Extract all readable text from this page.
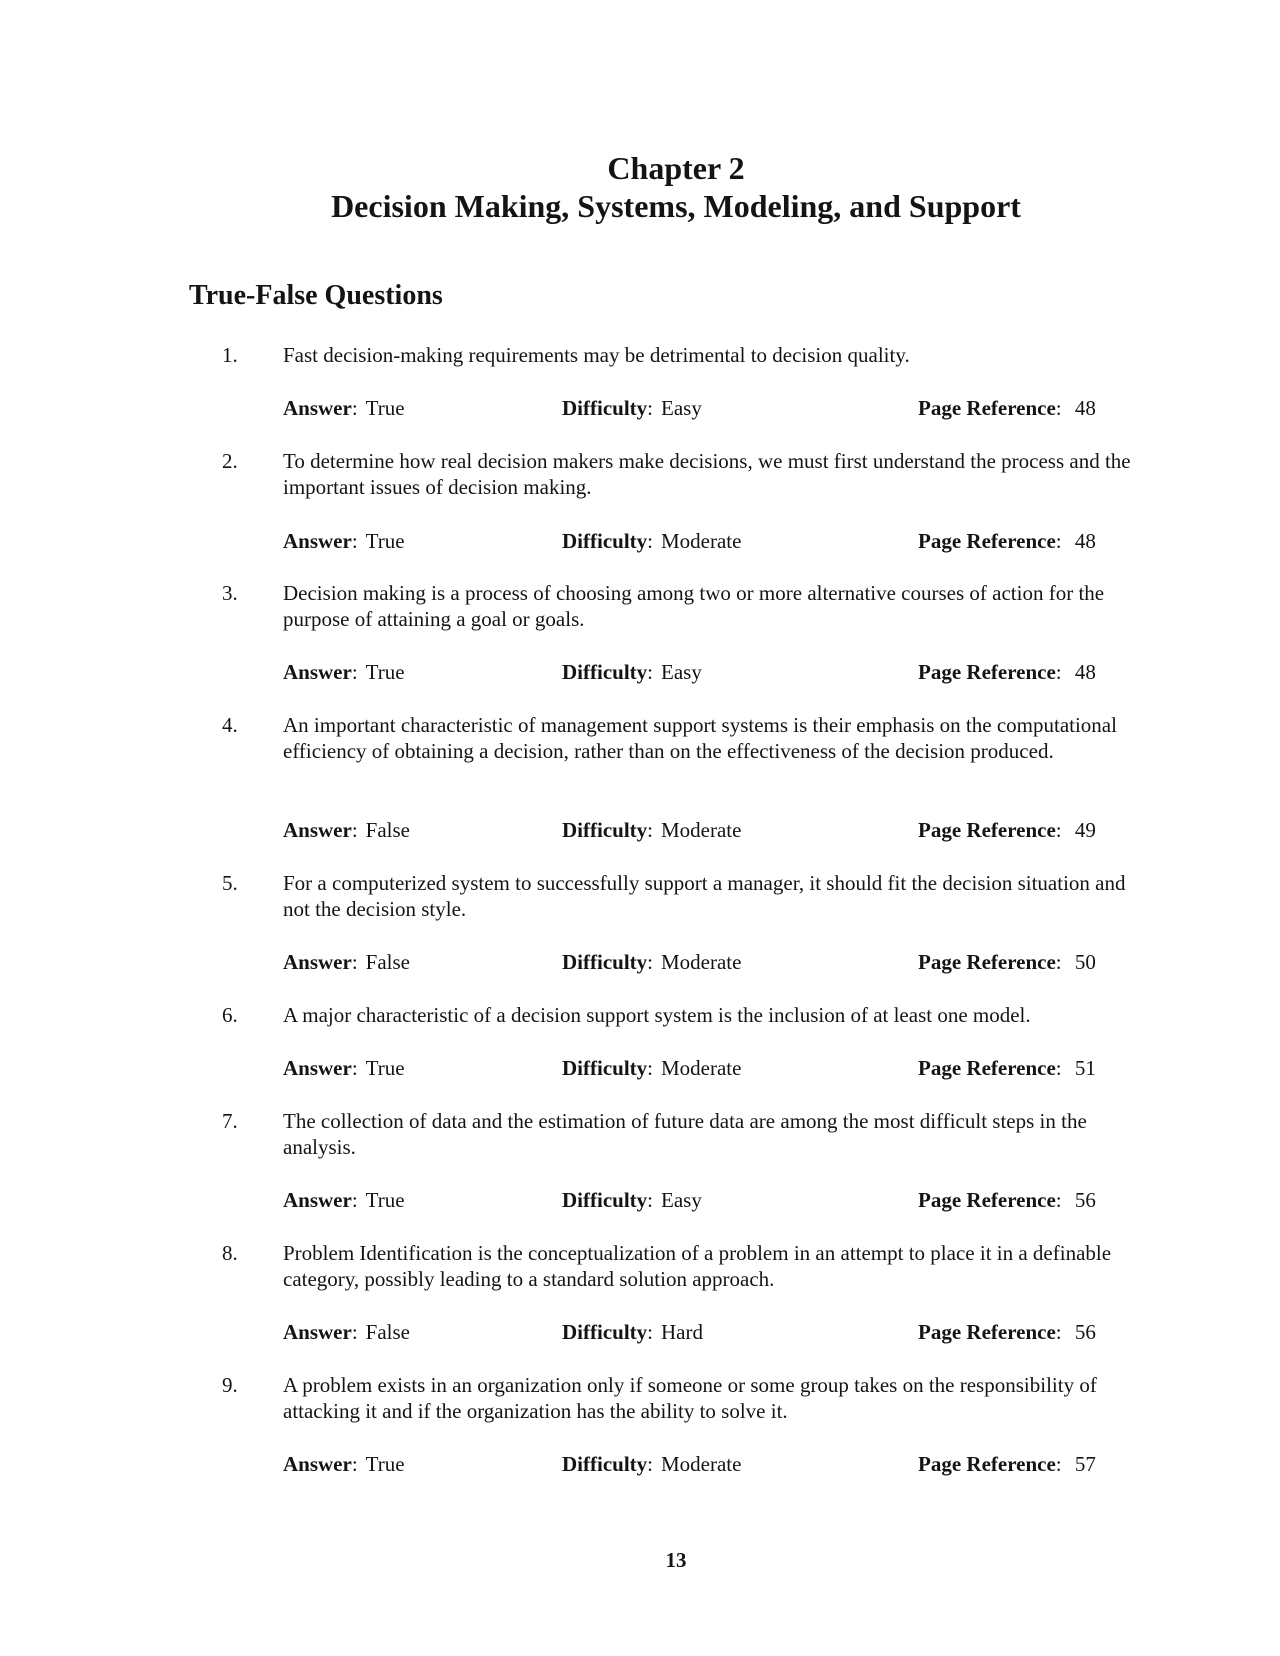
Chapter 2
Decision Making, Systems, Modeling, and Support
True-False Questions
1. Fast decision-making requirements may be detrimental to decision quality.
Answer: True	Difficulty: Easy	Page Reference: 48
2. To determine how real decision makers make decisions, we must first understand the process and the important issues of decision making.
Answer: True	Difficulty: Moderate	Page Reference: 48
3. Decision making is a process of choosing among two or more alternative courses of action for the purpose of attaining a goal or goals.
Answer: True	Difficulty: Easy	Page Reference: 48
4. An important characteristic of management support systems is their emphasis on the computational efficiency of obtaining a decision, rather than on the effectiveness of the decision produced.
Answer: False	Difficulty: Moderate	Page Reference: 49
5. For a computerized system to successfully support a manager, it should fit the decision situation and not the decision style.
Answer: False	Difficulty: Moderate	Page Reference: 50
6. A major characteristic of a decision support system is the inclusion of at least one model.
Answer: True	Difficulty: Moderate	Page Reference: 51
7. The collection of data and the estimation of future data are among the most difficult steps in the analysis.
Answer: True	Difficulty: Easy	Page Reference: 56
8. Problem Identification is the conceptualization of a problem in an attempt to place it in a definable category, possibly leading to a standard solution approach.
Answer: False	Difficulty: Hard	Page Reference: 56
9. A problem exists in an organization only if someone or some group takes on the responsibility of attacking it and if the organization has the ability to solve it.
Answer: True	Difficulty: Moderate	Page Reference: 57
13
